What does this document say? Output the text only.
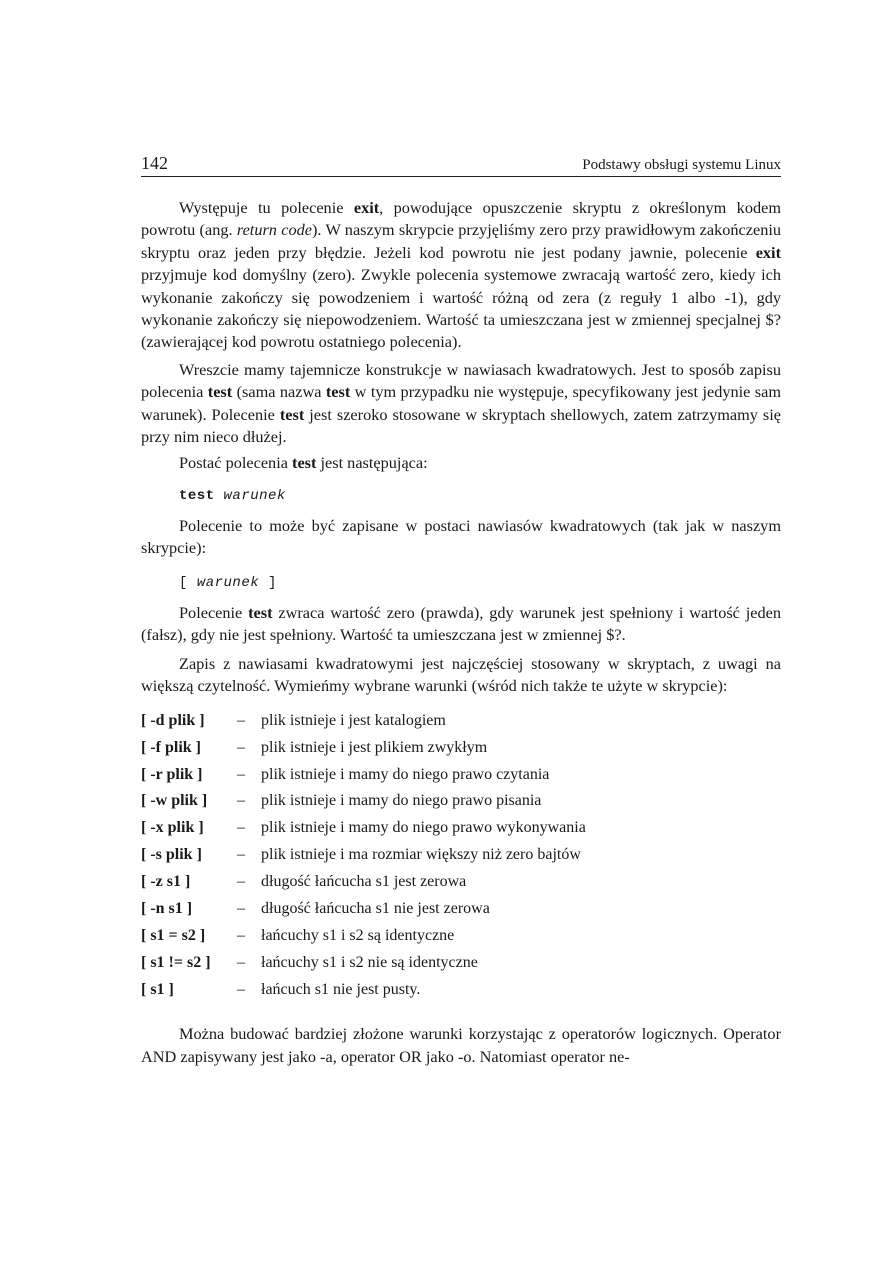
142	Podstawy obsługi systemu Linux

Występuje tu polecenie exit, powodujące opuszczenie skryptu z określonym kodem powrotu (ang. return code). W naszym skrypcie przyjęliśmy zero przy prawidłowym zakończeniu skryptu oraz jeden przy błędzie. Jeżeli kod powrotu nie jest podany jawnie, polecenie exit przyjmuje kod domyślny (zero). Zwykle polecenia systemowe zwracają wartość zero, kiedy ich wykonanie zakończy się powodzeniem i wartość różną od zera (z reguły 1 albo -1), gdy wykonanie zakończy się niepowodzeniem. Wartość ta umieszczana jest w zmiennej specjalnej $? (zawierającej kod powrotu ostatniego polecenia).

Wreszcie mamy tajemnicze konstrukcje w nawiasach kwadratowych. Jest to sposób zapisu polecenia test (sama nazwa test w tym przypadku nie występuje, specyfikowany jest jedynie sam warunek). Polecenie test jest szeroko stosowane w skryptach shellowych, zatem zatrzymamy się przy nim nieco dłużej.

Postać polecenia test jest następująca:

test warunek

Polecenie to może być zapisane w postaci nawiasów kwadratowych (tak jak w naszym skrypcie):

[ warunek ]

Polecenie test zwraca wartość zero (prawda), gdy warunek jest spełniony i wartość jeden (fałsz), gdy nie jest spełniony. Wartość ta umieszczana jest w zmiennej $?.

Zapis z nawiasami kwadratowymi jest najczęściej stosowany w skryptach, z uwagi na większą czytelność. Wymieńmy wybrane warunki (wśród nich także te użyte w skrypcie):

[ -d plik ]	–	plik istnieje i jest katalogiem
[ -f plik ]	–	plik istnieje i jest plikiem zwykłym
[ -r plik ]	–	plik istnieje i mamy do niego prawo czytania
[ -w plik ]	–	plik istnieje i mamy do niego prawo pisania
[ -x plik ]	–	plik istnieje i mamy do niego prawo wykonywania
[ -s plik ]	–	plik istnieje i ma rozmiar większy niż zero bajtów
[ -z s1 ]	–	długość łańcucha s1 jest zerowa
[ -n s1 ]	–	długość łańcucha s1 nie jest zerowa
[ s1 = s2 ]	–	łańcuchy s1 i s2 są identyczne
[ s1 != s2 ]	–	łańcuchy s1 i s2 nie są identyczne
[ s1 ]	–	łańcuch s1 nie jest pusty.

Można budować bardziej złożone warunki korzystając z operatorów logicznych. Operator AND zapisywany jest jako -a, operator OR jako -o. Natomiast operator ne-
